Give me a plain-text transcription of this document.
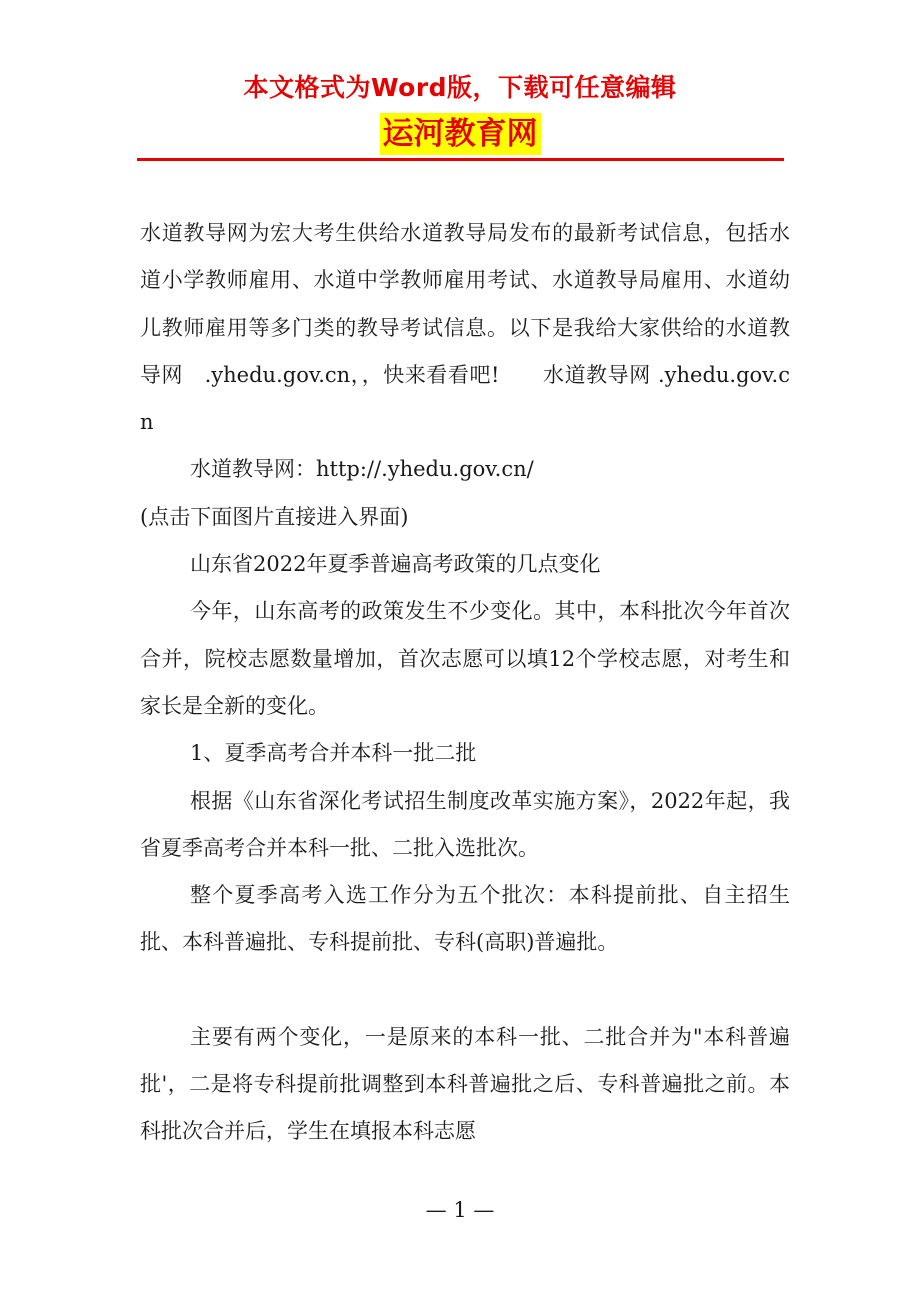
本文格式为Word版，下载可任意编辑
运河教育网

水道教导网为宏大考生供给水道教导局发布的最新考试信息，包括水道小学教师雇用、水道中学教师雇用考试、水道教导局雇用、水道幼儿教师雇用等多门类的教导考试信息。以下是我给大家供给的水道教导网　.yhedu.gov.cn，，快来看看吧!　　水道教导网 .yhedu.gov.cn

水道教导网：http://.yhedu.gov.cn/

(点击下面图片直接进入界面)

山东省2022年夏季普遍高考政策的几点变化

今年，山东高考的政策发生不少变化。其中，本科批次今年首次合并，院校志愿数量增加，首次志愿可以填12个学校志愿，对考生和家长是全新的变化。

1、夏季高考合并本科一批二批

根据《山东省深化考试招生制度改革实施方案》，2022年起，我省夏季高考合并本科一批、二批入选批次。

整个夏季高考入选工作分为五个批次：本科提前批、自主招生批、本科普遍批、专科提前批、专科(高职)普遍批。

主要有两个变化，一是原来的本科一批、二批合并为"本科普遍批'，二是将专科提前批调整到本科普遍批之后、专科普遍批之前。本科批次合并后，学生在填报本科志愿

— 1 —
